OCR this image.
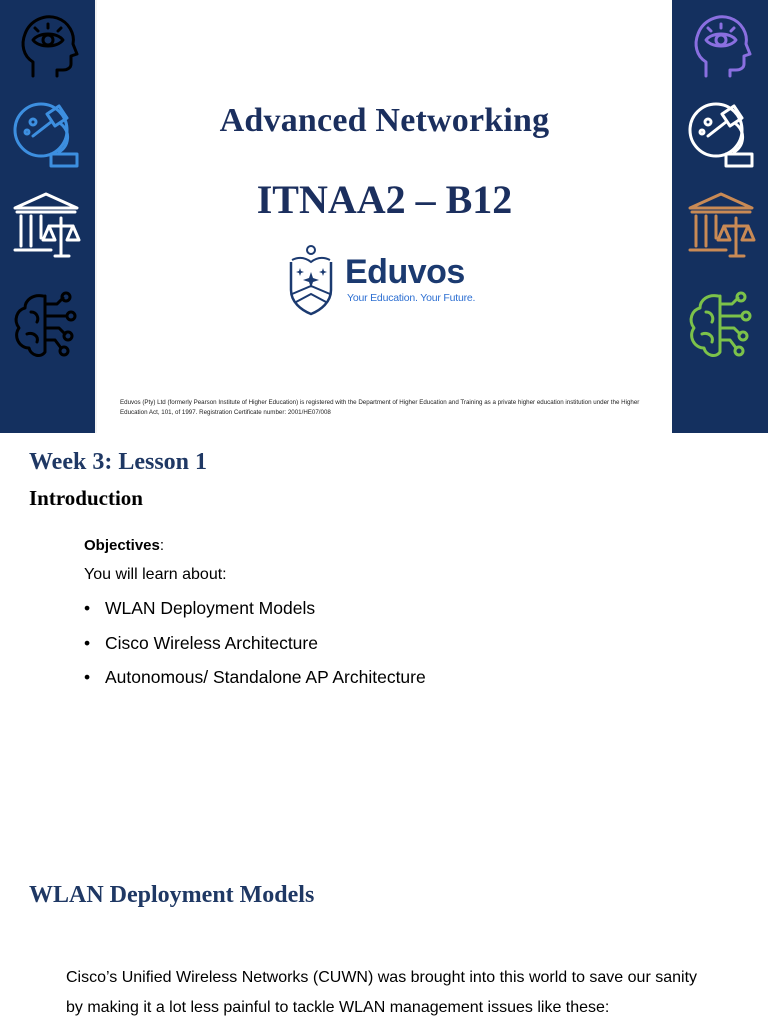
Advanced Networking
ITNAA2 – B12
Eduvos
Your Education. Your Future.
Eduvos (Pty) Ltd (formerly Pearson Institute of Higher Education) is registered with the Department of Higher Education and Training as a private higher education institution under the Higher Education Act, 101, of 1997. Registration Certificate number: 2001/HE07/008
Week 3: Lesson 1
Introduction
Objectives:
You will learn about:
• WLAN Deployment Models
• Cisco Wireless Architecture
• Autonomous/ Standalone AP Architecture
WLAN Deployment Models
Cisco’s Unified Wireless Networks (CUWN) was brought into this world to save our sanity
by making it a lot less painful to tackle WLAN management issues like these:
